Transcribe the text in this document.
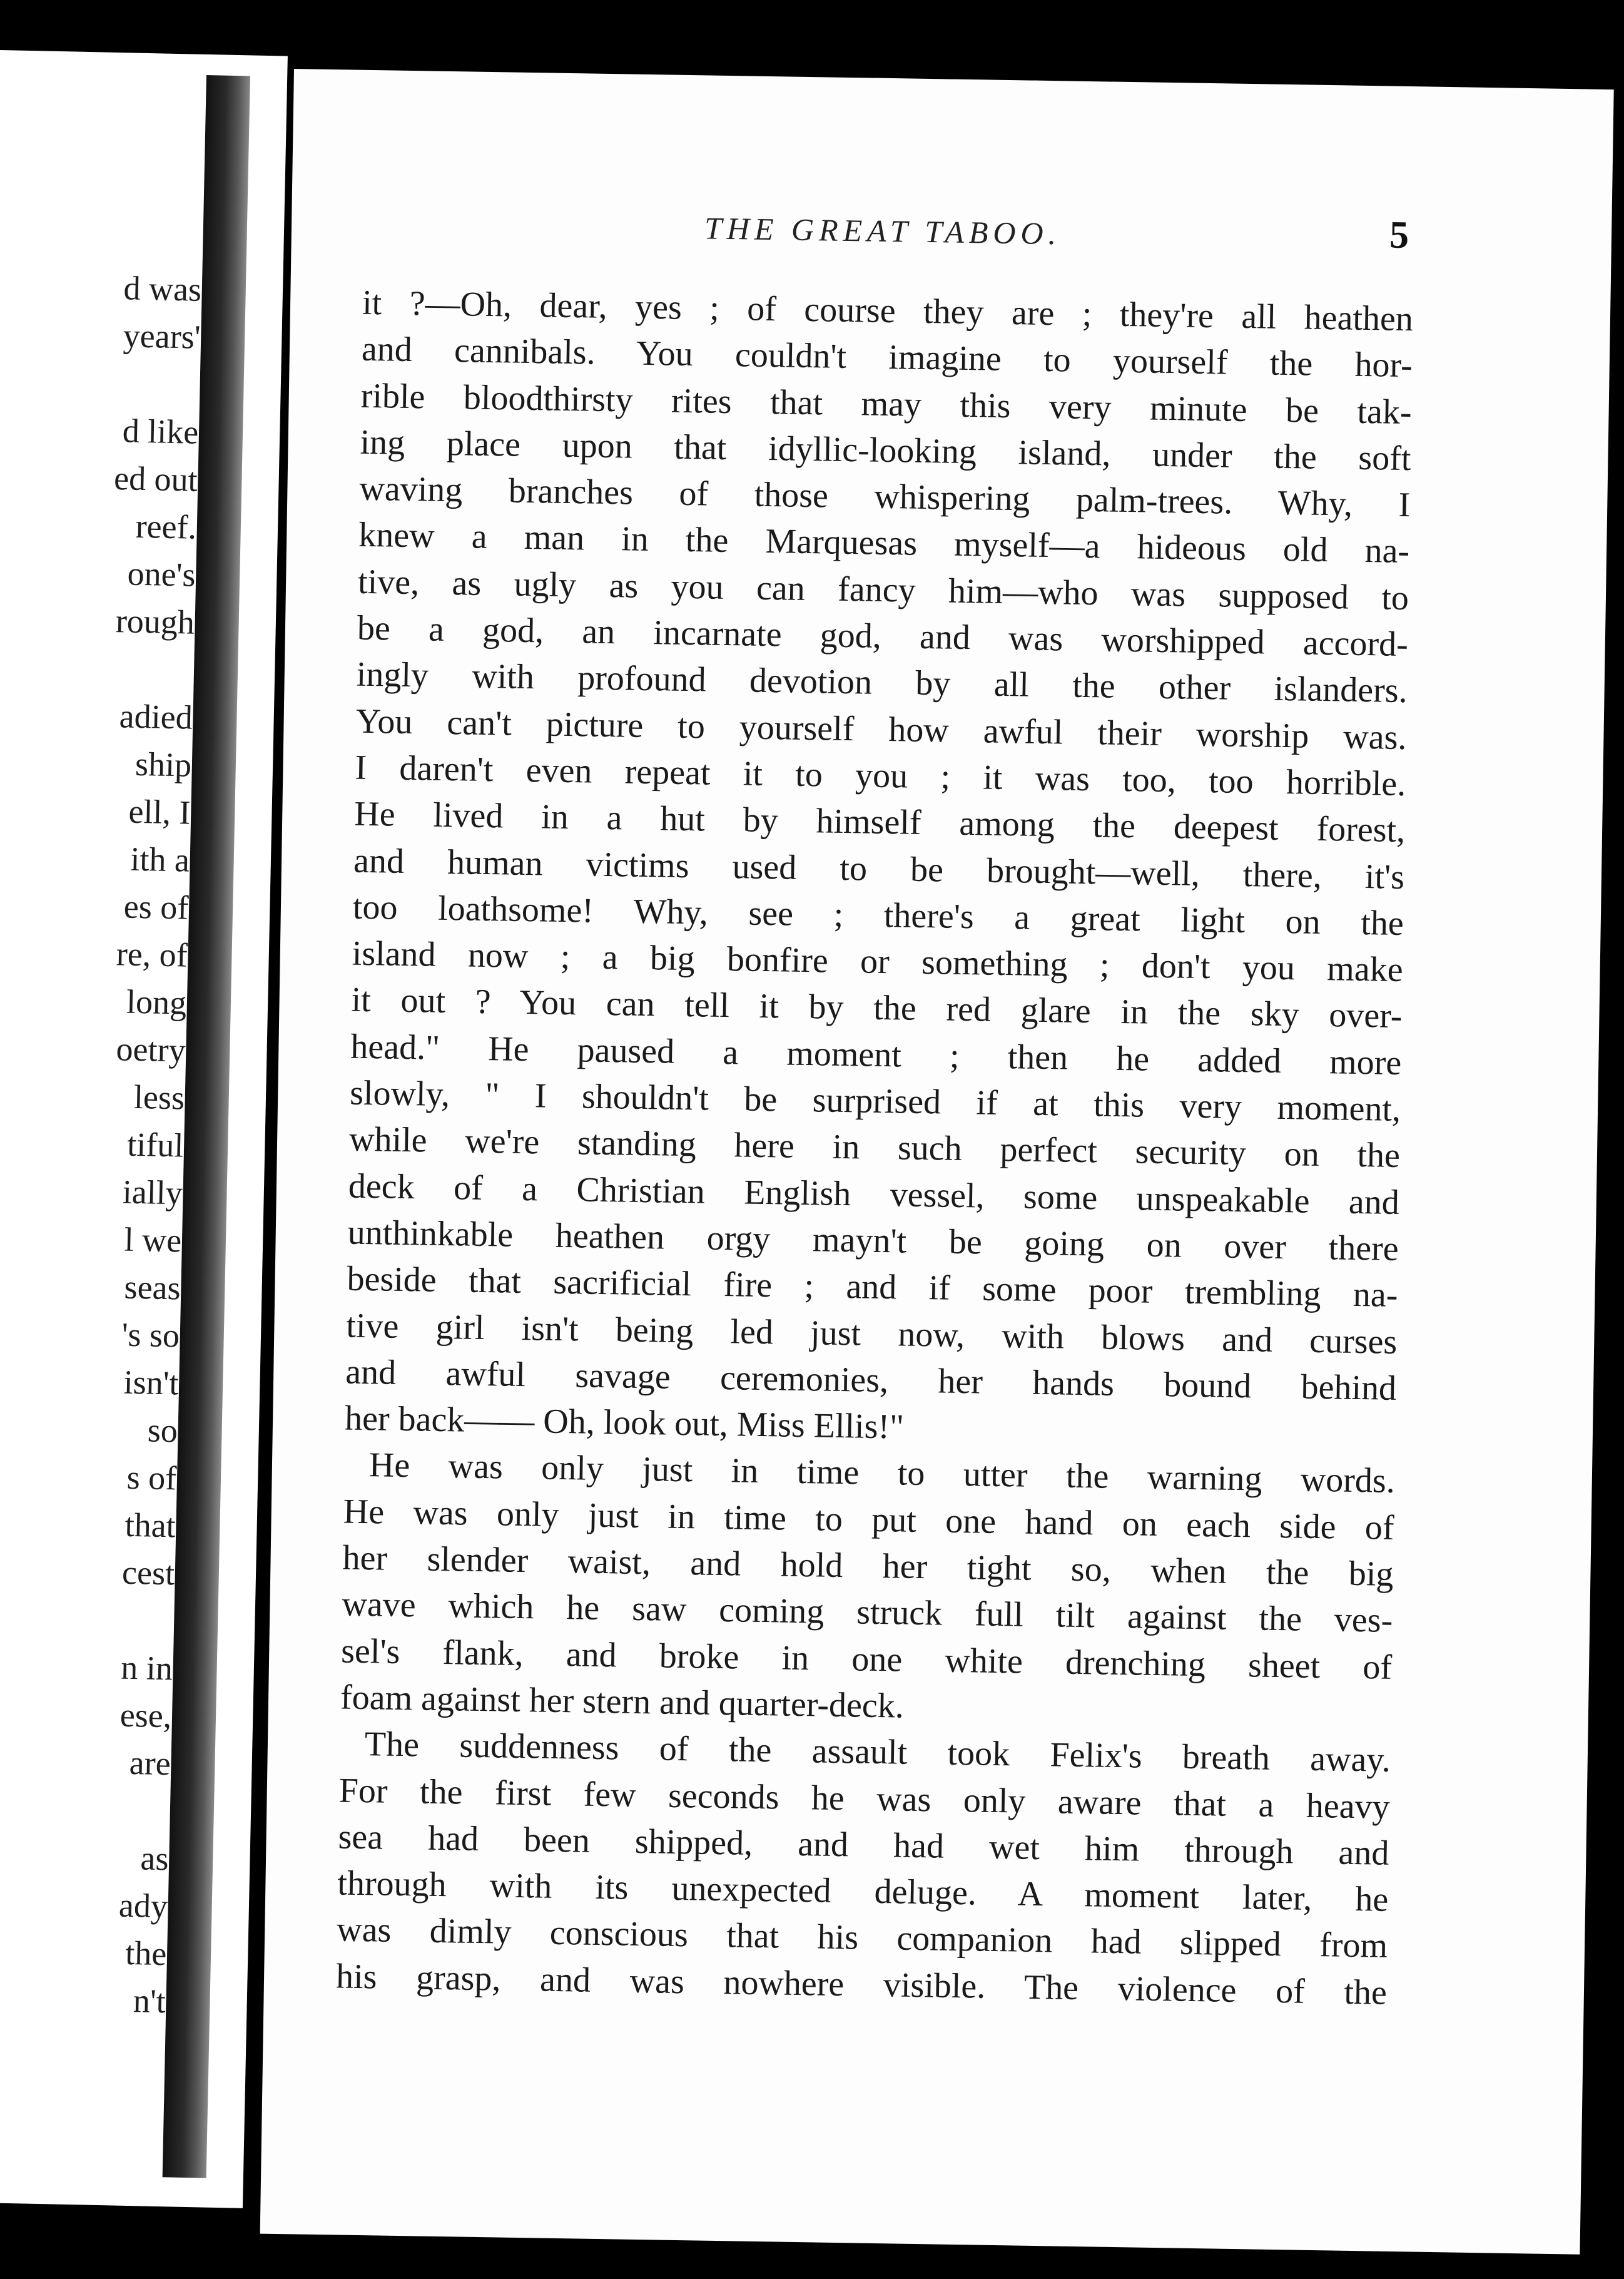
d was
years'
d like
ed out
reef.
one's
rough
adied
ship
ell, I
ith a
es of
re, of
long
oetry
less
tiful
ially
l we
seas
's so
isn't
so
s of
that
cest
n in
ese,
are
as
ady
the
n't
THE GREAT TABOO.	5
it ?—Oh, dear, yes ; of course they are ; they're all heathen
and cannibals. You couldn't imagine to yourself the hor-
rible bloodthirsty rites that may this very minute be tak-
ing place upon that idyllic-looking island, under the soft
waving branches of those whispering palm-trees. Why, I
knew a man in the Marquesas myself—a hideous old na-
tive, as ugly as you can fancy him—who was supposed to
be a god, an incarnate god, and was worshipped accord-
ingly with profound devotion by all the other islanders.
You can't picture to yourself how awful their worship was.
I daren't even repeat it to you ; it was too, too horrible.
He lived in a hut by himself among the deepest forest,
and human victims used to be brought—well, there, it's
too loathsome! Why, see ; there's a great light on the
island now ; a big bonfire or something ; don't you make
it out ? You can tell it by the red glare in the sky over-
head." He paused a moment ; then he added more
slowly, " I shouldn't be surprised if at this very moment,
while we're standing here in such perfect security on the
deck of a Christian English vessel, some unspeakable and
unthinkable heathen orgy mayn't be going on over there
beside that sacrificial fire ; and if some poor trembling na-
tive girl isn't being led just now, with blows and curses
and awful savage ceremonies, her hands bound behind
her back—— Oh, look out, Miss Ellis!"
He was only just in time to utter the warning words.
He was only just in time to put one hand on each side of
her slender waist, and hold her tight so, when the big
wave which he saw coming struck full tilt against the ves-
sel's flank, and broke in one white drenching sheet of
foam against her stern and quarter-deck.
The suddenness of the assault took Felix's breath away.
For the first few seconds he was only aware that a heavy
sea had been shipped, and had wet him through and
through with its unexpected deluge. A moment later, he
was dimly conscious that his companion had slipped from
his grasp, and was nowhere visible. The violence of the
